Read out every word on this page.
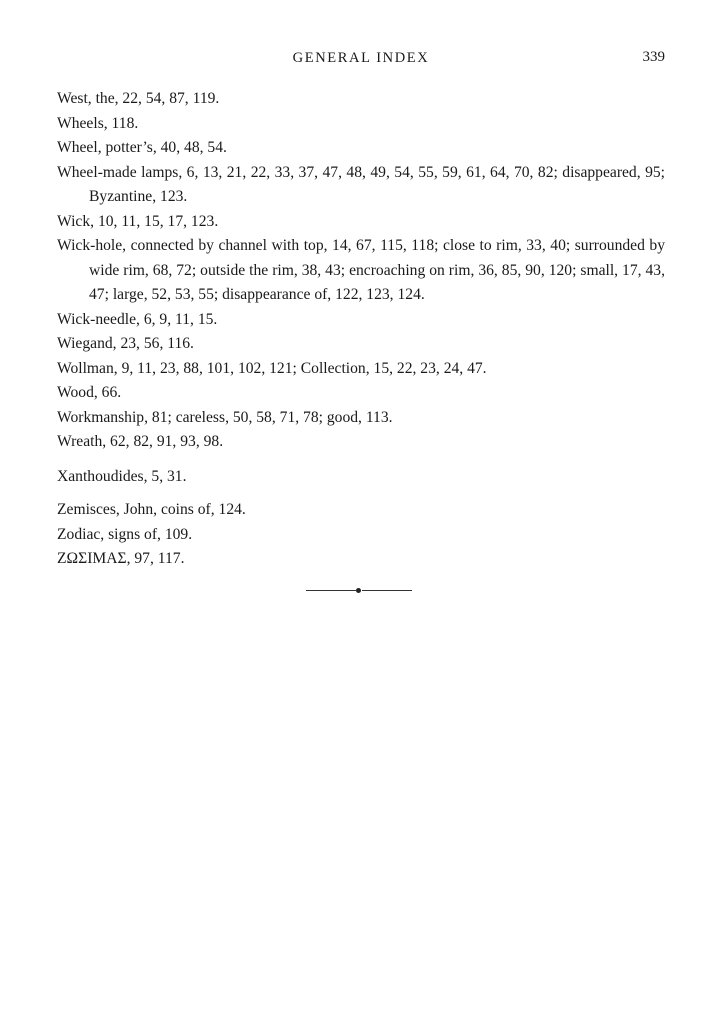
GENERAL INDEX	339

West, the, 22, 54, 87, 119.

Wheels, 118.

Wheel, potter’s, 40, 48, 54.

Wheel-made lamps, 6, 13, 21, 22, 33, 37, 47, 48, 49, 54, 55, 59, 61, 64, 70, 82; disappeared, 95; Byzantine, 123.

Wick, 10, 11, 15, 17, 123.

Wick-hole, connected by channel with top, 14, 67, 115, 118; close to rim, 33, 40; surrounded by wide rim, 68, 72; outside the rim, 38, 43; encroaching on rim, 36, 85, 90, 120; small, 17, 43, 47; large, 52, 53, 55; disappearance of, 122, 123, 124.

Wick-needle, 6, 9, 11, 15.

Wiegand, 23, 56, 116.

Wollman, 9, 11, 23, 88, 101, 102, 121; Collection, 15, 22, 23, 24, 47.

Wood, 66.

Workmanship, 81; careless, 50, 58, 71, 78; good, 113.

Wreath, 62, 82, 91, 93, 98.

Xanthoudides, 5, 31.

Zemisces, John, coins of, 124.

Zodiac, signs of, 109.

ΖΩΣΙΜΑΣ, 97, 117.
